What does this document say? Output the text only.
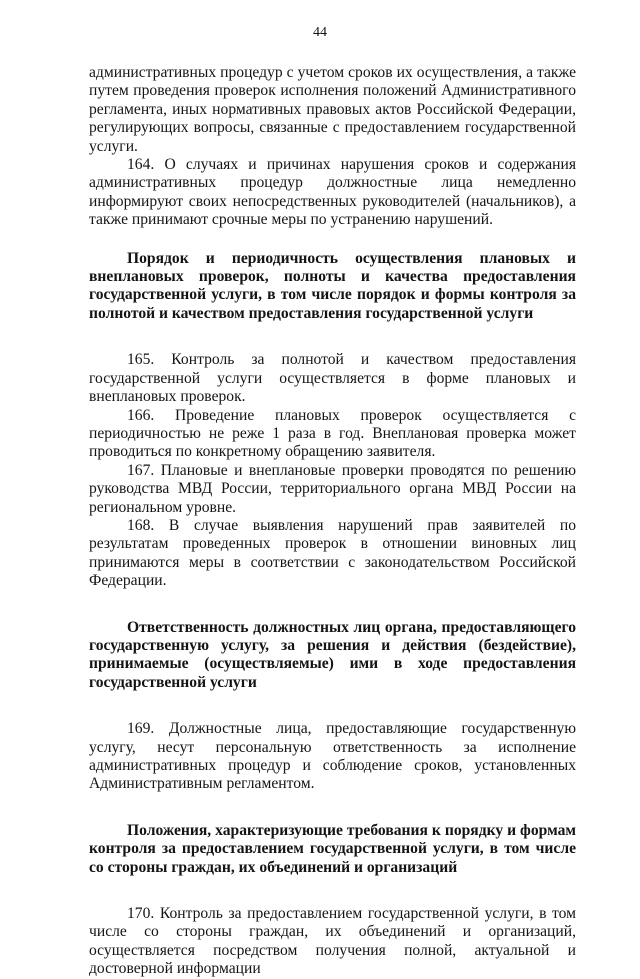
44

административных процедур с учетом сроков их осуществления, а также путем проведения проверок исполнения положений Административного регламента, иных нормативных правовых актов Российской Федерации, регулирующих вопросы, связанные с предоставлением государственной услуги.

164. О случаях и причинах нарушения сроков и содержания административных процедур должностные лица немедленно информируют своих непосредственных руководителей (начальников), а также принимают срочные меры по устранению нарушений.

Порядок и периодичность осуществления плановых и внеплановых проверок, полноты и качества предоставления государственной услуги, в том числе порядок и формы контроля за полнотой и качеством предоставления государственной услуги

165. Контроль за полнотой и качеством предоставления государственной услуги осуществляется в форме плановых и внеплановых проверок.

166. Проведение плановых проверок осуществляется с периодичностью не реже 1 раза в год. Внеплановая проверка может проводиться по конкретному обращению заявителя.

167. Плановые и внеплановые проверки проводятся по решению руководства МВД России, территориального органа МВД России на региональном уровне.

168. В случае выявления нарушений прав заявителей по результатам проведенных проверок в отношении виновных лиц принимаются меры в соответствии с законодательством Российской Федерации.

Ответственность должностных лиц органа, предоставляющего государственную услугу, за решения и действия (бездействие), принимаемые (осуществляемые) ими в ходе предоставления государственной услуги

169. Должностные лица, предоставляющие государственную услугу, несут персональную ответственность за исполнение административных процедур и соблюдение сроков, установленных Административным регламентом.

Положения, характеризующие требования к порядку и формам контроля за предоставлением государственной услуги, в том числе со стороны граждан, их объединений и организаций

170. Контроль за предоставлением государственной услуги, в том числе со стороны граждан, их объединений и организаций, осуществляется посредством получения полной, актуальной и достоверной информации
